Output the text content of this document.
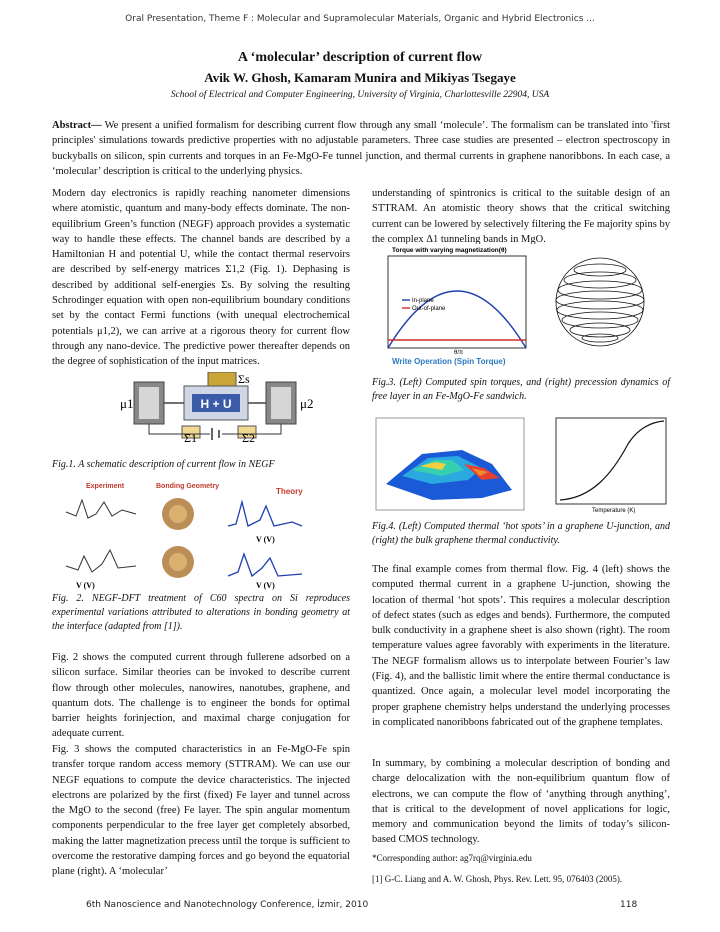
Oral Presentation, Theme F : Molecular and Supramolecular Materials, Organic and Hybrid Electronics ...
A ‘molecular’ description of current flow
Avik W. Ghosh, Kamaram Munira and Mikiyas Tsegaye
School of Electrical and Computer Engineering, University of Virginia, Charlottesville 22904, USA
Abstract— We present a unified formalism for describing current flow through any small ‘molecule’. The formalism can be translated into 'first principles' simulations towards predictive properties with no adjustable parameters. Three case studies are presented – electron spectroscopy in buckyballs on silicon, spin currents and torques in an Fe-MgO-Fe tunnel junction, and thermal currents in graphene nanoribbons. In each case, a ‘molecular’ description is critical to the underlying physics.
Modern day electronics is rapidly reaching nanometer dimensions where atomistic, quantum and many-body effects dominate. The non-equilibrium Green’s function (NEGF) approach provides a systematic way to handle these effects. The channel bands are described by a Hamiltonian H and potential U, while the contact thermal reservoirs are described by self-energy matrices Σ1,2 (Fig. 1). Dephasing is described by additional self-energies Σs. By solving the resulting Schrodinger equation with open non-equilibrium boundary conditions set by the contact Fermi functions (with unequal electrochemical potentials μ1,2), we can arrive at a rigorous theory for current flow through any nano-device. The predictive power thereafter depends on the degree of sophistication of the input matrices.
H + U
Σs
μ1	μ2
Σ1	Σ2
Fig.1. A schematic description of current flow in NEGF
Experiment	Bonding Geometry
Theory
V (V)
V (V)
V (V)
Fig. 2. NEGF-DFT treatment of C60 spectra on Si reproduces experimental variations attributed to alterations in bonding geometry at the interface (adapted from [1]).
Fig. 2 shows the computed current through fullerene adsorbed on a silicon surface. Similar theories can be invoked to describe current flow through other molecules, nanowires, nanotubes, graphene, and quantum dots. The challenge is to engineer the bonds for optimal barrier heights forinjection, and maximal charge conjugation for adequate current.
Fig. 3 shows the computed characteristics in an Fe-MgO-Fe spin transfer torque random access memory (STTRAM). We can use our NEGF equations to compute the device characteristics. The injected electrons are polarized by the first (fixed) Fe layer and tunnel across the MgO to the second (free) Fe layer. The spin angular momentum components perpendicular to the free layer get completely absorbed, making the latter magnetization precess until the torque is sufficient to overcome the restorative damping forces and go beyond the equatorial plane (right). A ‘molecular’
understanding of spintronics is critical to the suitable design of an STTRAM. An atomistic theory shows that the critical switching current can be lowered by selectively filtering the Fe majority spins by the complex Δ1 tunneling bands in MgO.
Torque with varying magnetization(θ)
In-plane
Out-of-plane
θ/π
Write Operation (Spin Torque)
Fig.3. (Left) Computed spin torques, and (right) precession dynamics of free layer in an Fe-MgO-Fe sandwich.
Temperature (K)
Fig.4. (Left) Computed thermal ‘hot spots’ in a graphene U-junction, and (right) the bulk graphene thermal conductivity.
The final example comes from thermal flow. Fig. 4 (left) shows the computed thermal current in a graphene U-junction, showing the location of thermal ‘hot spots’. This requires a molecular description of defect states (such as edges and bends). Furthermore, the computed bulk conductivity in a graphene sheet is also shown (right). The room temperature values agree favorably with experiments in the literature. The NEGF formalism allows us to interpolate between Fourier’s law (Fig. 4), and the ballistic limit where the entire thermal conductance is quantized. Once again, a molecular level model incorporating the proper graphene chemistry helps understand the underlying processes in complicated nanoribbons fabricated out of the graphene templates.
In summary, by combining a molecular description of bonding and charge delocalization with the non-equilibrium quantum flow of electrons, we can compute the flow of ‘anything through anything’, that is critical to the development of novel applications for logic, memory and communication beyond the limits of today’s silicon-based CMOS technology.
*Corresponding author: ag7rq@virginia.edu
[1] G-C. Liang and A. W. Ghosh, Phys. Rev. Lett. 95, 076403 (2005).
6th Nanoscience and Nanotechnology Conference, İzmir, 2010	118
